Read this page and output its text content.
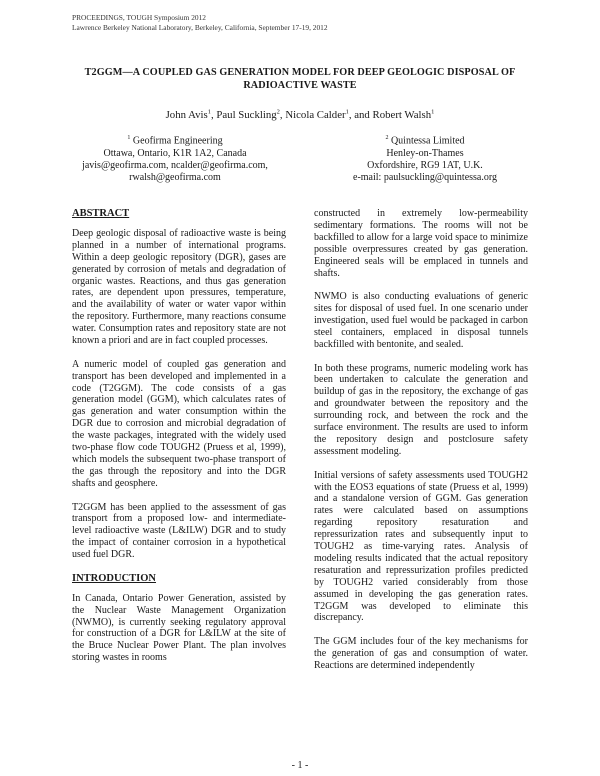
PROCEEDINGS, TOUGH Symposium 2012
Lawrence Berkeley National Laboratory, Berkeley, California, September 17-19, 2012
T2GGM—A COUPLED GAS GENERATION MODEL FOR DEEP GEOLOGIC DISPOSAL OF
RADIOACTIVE WASTE
John Avis$^1$, Paul Suckling$^2$, Nicola Calder$^1$, and Robert Walsh$^1$
$^1$ Geofirma Engineering
Ottawa, Ontario, K1R 1A2, Canada
javis@geofirma.com, ncalder@geofirma.com,
rwalsh@geofirma.com
$^2$ Quintessa Limited
Henley-on-Thames
Oxfordshire, RG9 1AT, U.K.
e-mail: paulsuckling@quintessa.org
ABSTRACT

Deep geologic disposal of radioactive waste is being planned in a number of international programs. Within a deep geologic repository (DGR), gases are generated by corrosion of metals and degradation of organic wastes. Reactions, and thus gas generation rates, are dependent upon pressures, temperature, and the availability of water or water vapor within the repository. Furthermore, many reactions consume water. Consumption rates and repository state are not known a priori and are in fact coupled processes.

A numeric model of coupled gas generation and transport has been developed and implemented in a code (T2GGM). The code consists of a gas generation model (GGM), which calculates rates of gas generation and water consumption within the DGR due to corrosion and microbial degradation of the waste packages, integrated with the widely used two-phase flow code TOUGH2 (Pruess et al, 1999), which models the subsequent two-phase transport of the gas through the repository and into the DGR shafts and geosphere.

T2GGM has been applied to the assessment of gas transport from a proposed low- and intermediate-level radioactive waste (L&ILW) DGR and to study the impact of container corrosion in a hypothetical used fuel DGR.

INTRODUCTION

In Canada, Ontario Power Generation, assisted by the Nuclear Waste Management Organization (NWMO), is currently seeking regulatory approval for construction of a DGR for L&ILW at the site of the Bruce Nuclear Power Plant. The plan involves storing wastes in rooms

constructed in extremely low-permeability sedimentary formations. The rooms will not be backfilled to allow for a large void space to minimize possible overpressures created by gas generation. Engineered seals will be emplaced in tunnels and shafts.

NWMO is also conducting evaluations of generic sites for disposal of used fuel. In one scenario under investigation, used fuel would be packaged in carbon steel containers, emplaced in disposal tunnels backfilled with bentonite, and sealed.

In both these programs, numeric modeling work has been undertaken to calculate the generation and buildup of gas in the repository, the exchange of gas and groundwater between the repository and the surrounding rock, and between the rock and the surface environment. The results are used to inform the repository design and postclosure safety assessment modeling.

Initial versions of safety assessments used TOUGH2 with the EOS3 equations of state (Pruess et al, 1999) and a standalone version of GGM. Gas generation rates were calculated based on assumptions regarding repository resaturation and repressurization rates and subsequently input to TOUGH2 as time-varying rates. Analysis of modeling results indicated that the actual repository resaturation and repressurization profiles predicted by TOUGH2 varied considerably from those assumed in developing the gas generation rates. T2GGM was developed to eliminate this discrepancy.

The GGM includes four of the key mechanisms for the generation of gas and consumption of water. Reactions are determined independently

- 1 -
